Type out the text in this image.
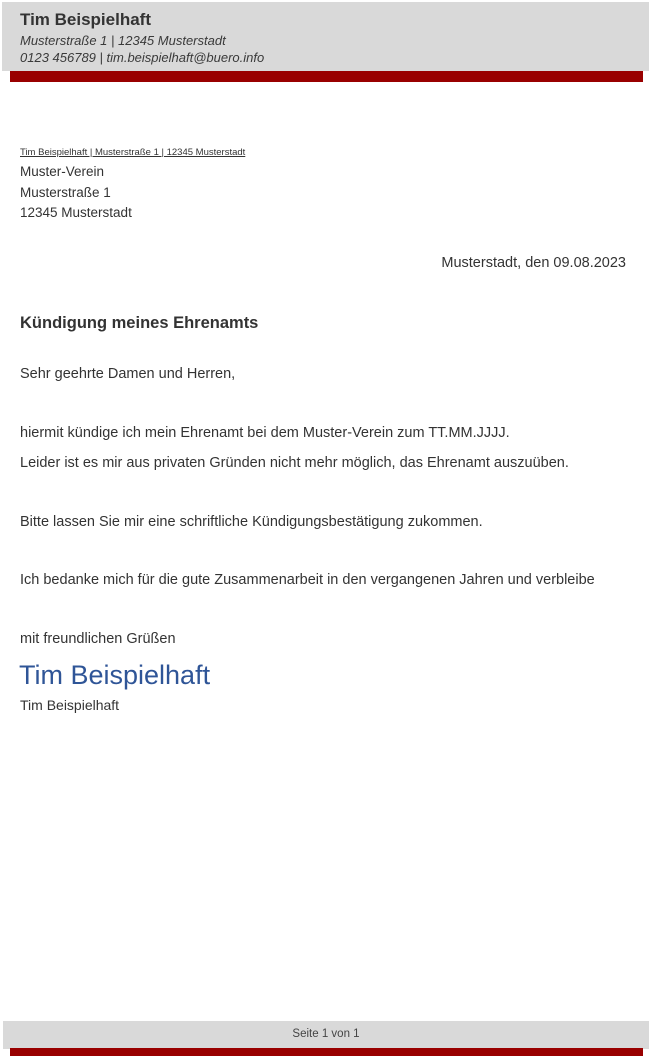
Tim Beispielhaft
Musterstraße 1 | 12345 Musterstadt
0123 456789 | tim.beispielhaft@buero.info
Tim Beispielhaft | Musterstraße 1 | 12345 Musterstadt
Muster-Verein
Musterstraße 1
12345 Musterstadt
Musterstadt, den 09.08.2023
Kündigung meines Ehrenamts
Sehr geehrte Damen und Herren,
hiermit kündige ich mein Ehrenamt bei dem Muster-Verein zum TT.MM.JJJJ.
Leider ist es mir aus privaten Gründen nicht mehr möglich, das Ehrenamt auszuüben.
Bitte lassen Sie mir eine schriftliche Kündigungsbestätigung zukommen.
Ich bedanke mich für die gute Zusammenarbeit in den vergangenen Jahren und verbleibe
mit freundlichen Grüßen
Tim Beispielhaft
Tim Beispielhaft
Seite 1 von 1
